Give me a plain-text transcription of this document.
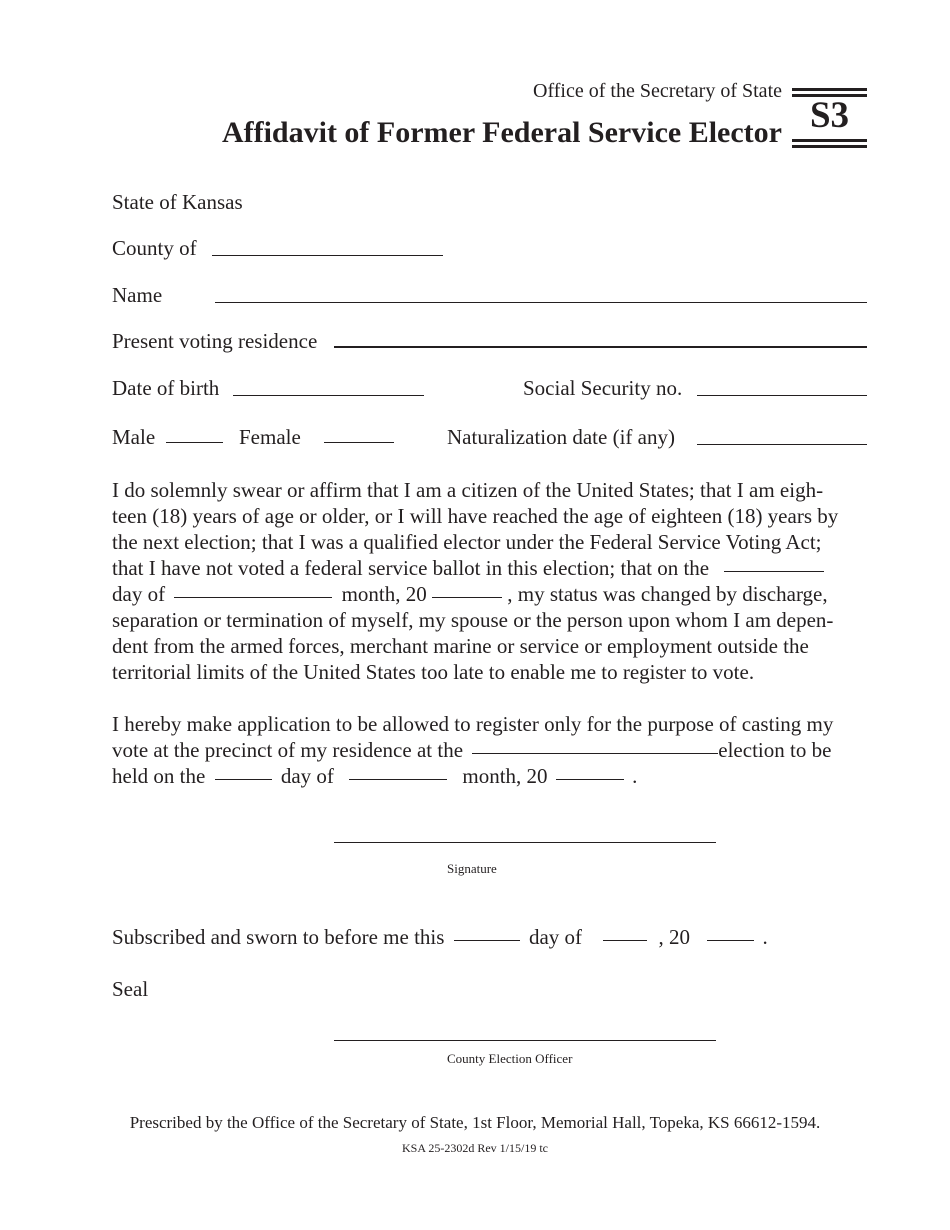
Office of the Secretary of State
Affidavit of Former Federal Service Elector S3
State of Kansas
County of
Name
Present voting residence
Date of birth	Social Security no.
Male	Female	Naturalization date (if any)
I do solemnly swear or affirm that I am a citizen of the United States; that I am eigh-
teen (18) years of age or older, or I will have reached the age of eighteen (18) years by
the next election; that I was a qualified elector under the Federal Service Voting Act;
that I have not voted a federal service ballot in this election; that on the
day of	month, 20	, my status was changed by discharge,
separation or termination of myself, my spouse or the person upon whom I am depen-
dent from the armed forces, merchant marine or service or employment outside the
territorial limits of the United States too late to enable me to register to vote.
I hereby make application to be allowed to register only for the purpose of casting my
vote at the precinct of my residence at the	election to be
held on the	day of	month, 20	.
Signature
Subscribed and sworn to before me this	day of	, 20	.
Seal
County Election Officer
Prescribed by the Office of the Secretary of State, 1st Floor, Memorial Hall, Topeka, KS 66612-1594.
KSA 25-2302d Rev 1/15/19 tc
